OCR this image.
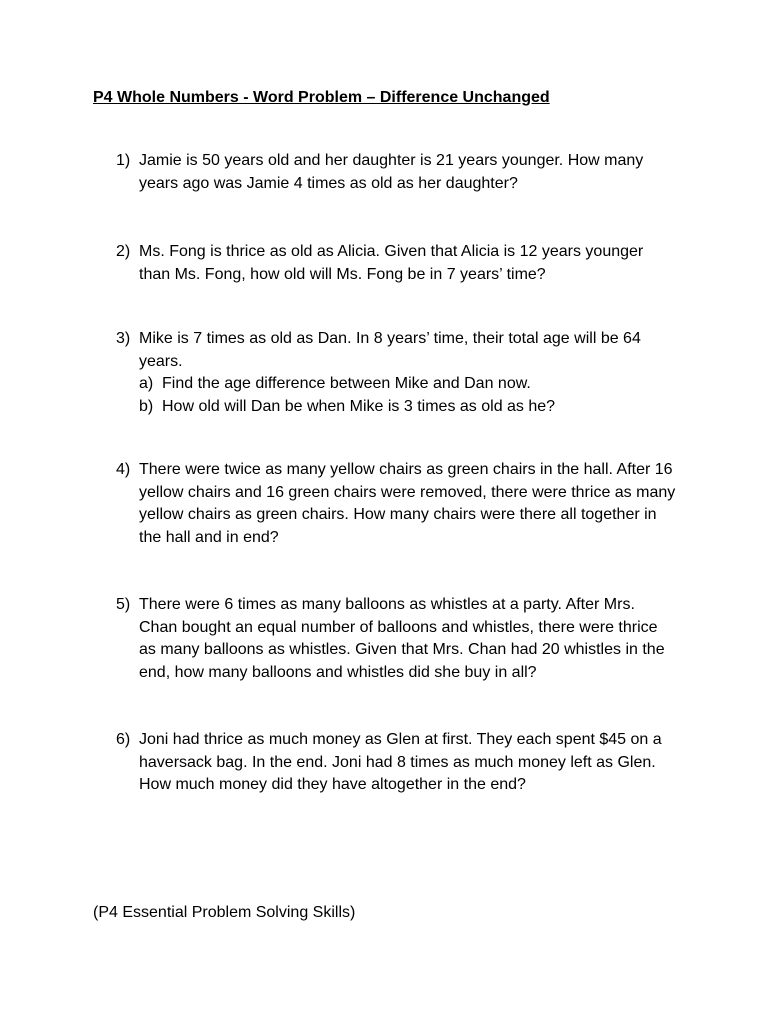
P4 Whole Numbers - Word Problem – Difference Unchanged
1) Jamie is 50 years old and her daughter is 21 years younger. How many years ago was Jamie 4 times as old as her daughter?
2) Ms. Fong is thrice as old as Alicia. Given that Alicia is 12 years younger than Ms. Fong, how old will Ms. Fong be in 7 years’ time?
3) Mike is 7 times as old as Dan. In 8 years’ time, their total age will be 64 years.
a) Find the age difference between Mike and Dan now.
b) How old will Dan be when Mike is 3 times as old as he?
4) There were twice as many yellow chairs as green chairs in the hall. After 16 yellow chairs and 16 green chairs were removed, there were thrice as many yellow chairs as green chairs. How many chairs were there all together in the hall and in end?
5) There were 6 times as many balloons as whistles at a party. After Mrs. Chan bought an equal number of balloons and whistles, there were thrice as many balloons as whistles. Given that Mrs. Chan had 20 whistles in the end, how many balloons and whistles did she buy in all?
6) Joni had thrice as much money as Glen at first. They each spent $45 on a haversack bag. In the end. Joni had 8 times as much money left as Glen. How much money did they have altogether in the end?
(P4 Essential Problem Solving Skills)
